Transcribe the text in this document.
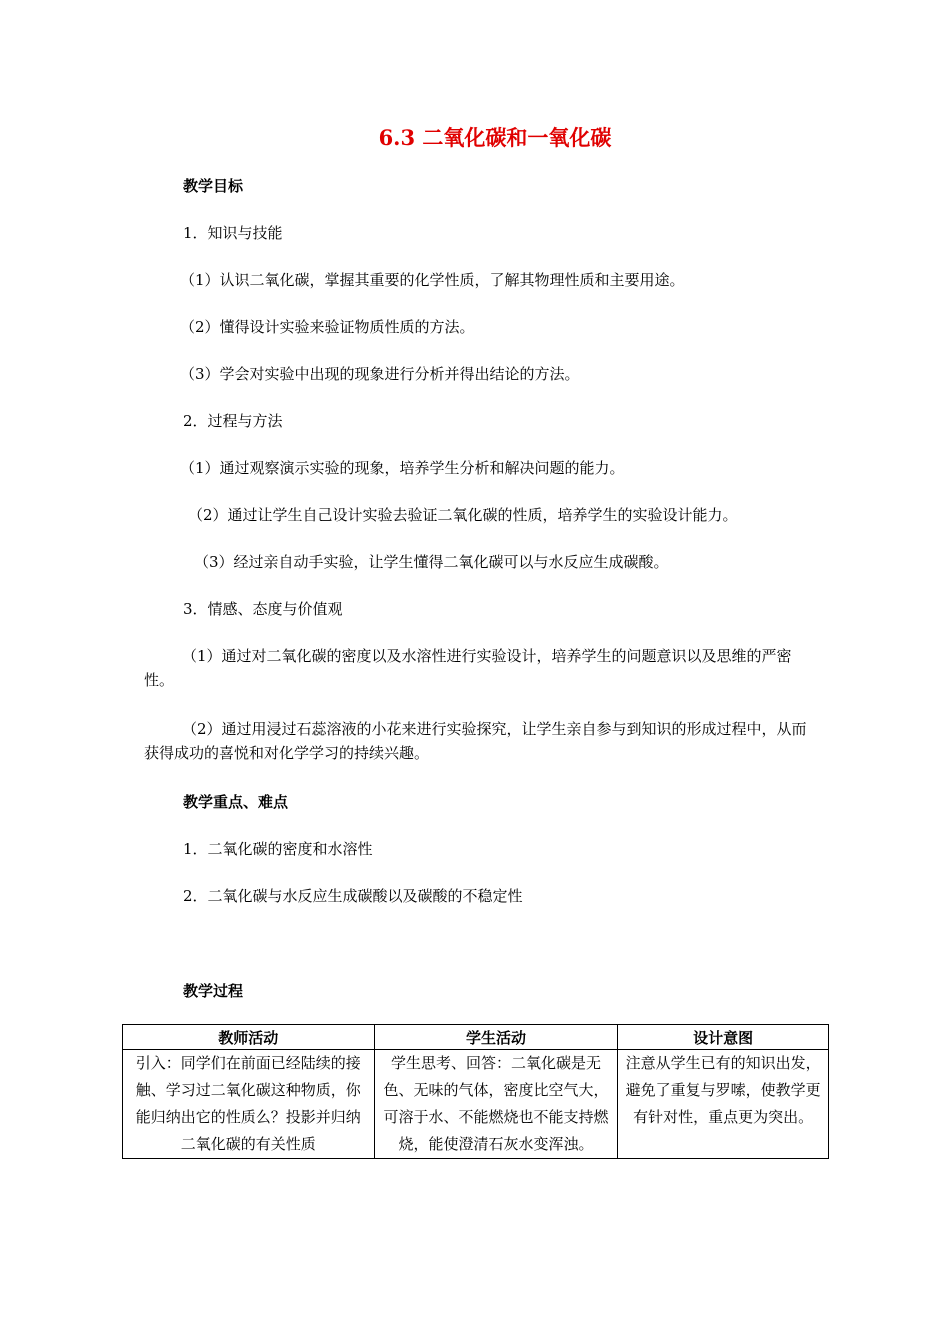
6.3 二氧化碳和一氧化碳
教学目标
1．知识与技能
（1）认识二氧化碳，掌握其重要的化学性质，了解其物理性质和主要用途。
（2）懂得设计实验来验证物质性质的方法。
（3）学会对实验中出现的现象进行分析并得出结论的方法。
2．过程与方法
（1）通过观察演示实验的现象，培养学生分析和解决问题的能力。
（2）通过让学生自己设计实验去验证二氧化碳的性质，培养学生的实验设计能力。
（3）经过亲自动手实验，让学生懂得二氧化碳可以与水反应生成碳酸。
3．情感、态度与价值观
（1）通过对二氧化碳的密度以及水溶性进行实验设计，培养学生的问题意识以及思维的严密性。
（2）通过用浸过石蕊溶液的小花来进行实验探究，让学生亲自参与到知识的形成过程中，从而获得成功的喜悦和对化学学习的持续兴趣。
教学重点、难点
1．二氧化碳的密度和水溶性
2．二氧化碳与水反应生成碳酸以及碳酸的不稳定性
教学过程
教师活动	学生活动	设计意图
引入：同学们在前面已经陆续的接触、学习过二氧化碳这种物质，你能归纳出它的性质么？投影并归纳二氧化碳的有关性质	学生思考、回答：二氧化碳是无色、无味的气体，密度比空气大，可溶于水、不能燃烧也不能支持燃烧，能使澄清石灰水变浑浊。	注意从学生已有的知识出发，避免了重复与罗嗦，使教学更有针对性，重点更为突出。
